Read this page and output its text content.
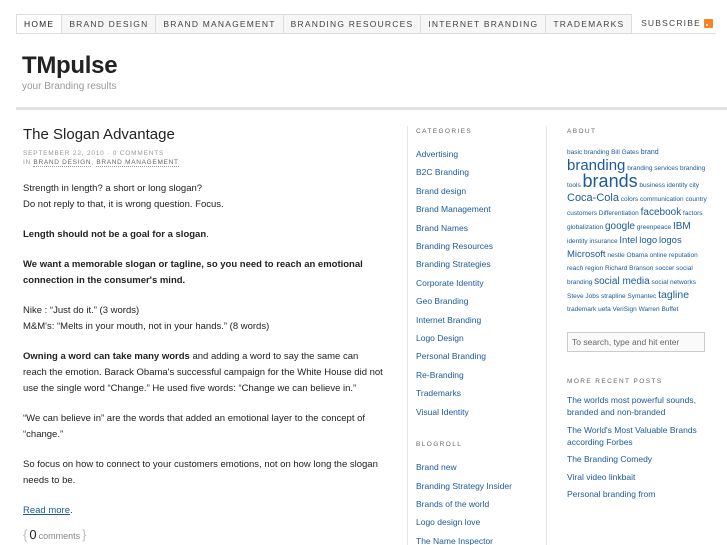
HOME	BRAND DESIGN	BRAND MANAGEMENT	BRANDING RESOURCES	INTERNET BRANDING	TRADEMARKS	SUBSCRIBE
TMpulse
your Branding results
The Slogan Advantage
SEPTEMBER 22, 2010 · 0 COMMENTS
IN BRAND DESIGN, BRAND MANAGEMENT

Strength in length? a short or long slogan?
Do not reply to that, it is wrong question. Focus.

Length should not be a goal for a slogan.

We want a memorable slogan or tagline, so you need to reach an emotional connection in the consumer's mind.

Nike : “Just do it.” (3 words)
M&M's: “Melts in your mouth, not in your hands.” (8 words)

Owning a word can take many words and adding a word to say the same can reach the emotion. Barack Obama's successful campaign for the White House did not use the single word “Change.” He used five words: “Change we can believe in.”

“We can believe in” are the words that added an emotional layer to the concept of “change.”

So focus on how to connect to your customers emotions, not on how long the slogan needs to be.

Read more.

{ 0 comments }
CATEGORIES
Advertising
B2C Branding
Brand design
Brand Management
Brand Names
Branding Resources
Branding Strategies
Corporate Identity
Geo Branding
Internet Branding
Logo Design
Personal Branding
Re-Branding
Trademarks
Visual Identity
BLOGROLL
Brand new
Branding Strategy Insider
Brands of the world
Logo design love
The Name Inspector
ABOUT
basic branding Bill Gates brand branding branding services branding tools brands business identity city Coca-Cola colors communication country customers Differentiation facebook factors globalization google greenpeace IBM identity insurance Intel logo logos Microsoft nestle Obama online reputation reach region Richard Branson soccer social branding social media social networks Steve Jobs strapline Symantec tagline trademark uefa VeriSign Warren Buffet
To search, type and hit enter
MORE RECENT POSTS
The worlds most powerful sounds, branded and non-branded
The World's Most Valuable Brands according Forbes
The Branding Comedy
Viral video linkbait
Personal branding from
